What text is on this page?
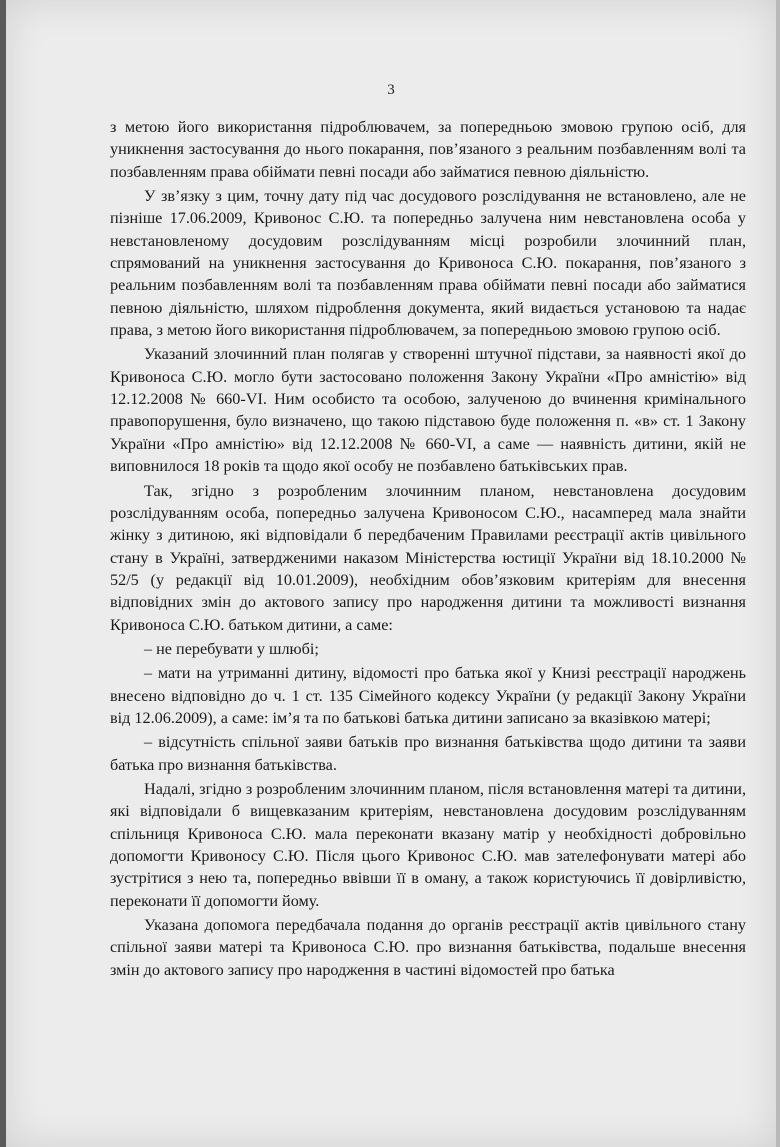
3

з метою його використання підроблювачем, за попередньою змовою групою осіб, для уникнення застосування до нього покарання, пов’язаного з реальним позбавленням волі та позбавленням права обіймати певні посади або займатися певною діяльністю.

У зв’язку з цим, точну дату під час досудового розслідування не встановлено, але не пізніше 17.06.2009, Кривонос С.Ю. та попередньо залучена ним невстановлена особа у невстановленому досудовим розслідуванням місці розробили злочинний план, спрямований на уникнення застосування до Кривоноса С.Ю. покарання, пов’язаного з реальним позбавленням волі та позбавленням права обіймати певні посади або займатися певною діяльністю, шляхом підроблення документа, який видається установою та надає права, з метою його використання підроблювачем, за попередньою змовою групою осіб.

Указаний злочинний план полягав у створенні штучної підстави, за наявності якої до Кривоноса С.Ю. могло бути застосовано положення Закону України «Про амністію» від 12.12.2008 № 660-VI. Ним особисто та особою, залученою до вчинення кримінального правопорушення, було визначено, що такою підставою буде положення п. «в» ст. 1 Закону України «Про амністію» від 12.12.2008 № 660-VI, а саме — наявність дитини, якій не виповнилося 18 років та щодо якої особу не позбавлено батьківських прав.

Так, згідно з розробленим злочинним планом, невстановлена досудовим розслідуванням особа, попередньо залучена Кривоносом С.Ю., насамперед мала знайти жінку з дитиною, які відповідали б передбаченим Правилами реєстрації актів цивільного стану в Україні, затвердженими наказом Міністерства юстиції України від 18.10.2000 № 52/5 (у редакції від 10.01.2009), необхідним обов’язковим критеріям для внесення відповідних змін до актового запису про народження дитини та можливості визнання Кривоноса С.Ю. батьком дитини, а саме:

– не перебувати у шлюбі;

– мати на утриманні дитину, відомості про батька якої у Книзі реєстрації народжень внесено відповідно до ч. 1 ст. 135 Сімейного кодексу України (у редакції Закону України від 12.06.2009), а саме: ім’я та по батькові батька дитини записано за вказівкою матері;

– відсутність спільної заяви батьків про визнання батьківства щодо дитини та заяви батька про визнання батьківства.

Надалі, згідно з розробленим злочинним планом, після встановлення матері та дитини, які відповідали б вищевказаним критеріям, невстановлена досудовим розслідуванням спільниця Кривоноса С.Ю. мала переконати вказану матір у необхідності добровільно допомогти Кривоносу С.Ю. Після цього Кривонос С.Ю. мав зателефонувати матері або зустрітися з нею та, попередньо ввівши її в оману, а також користуючись її довірливістю, переконати її допомогти йому.

Указана допомога передбачала подання до органів реєстрації актів цивільного стану спільної заяви матері та Кривоноса С.Ю. про визнання батьківства, подальше внесення змін до актового запису про народження в частині відомостей про батька
